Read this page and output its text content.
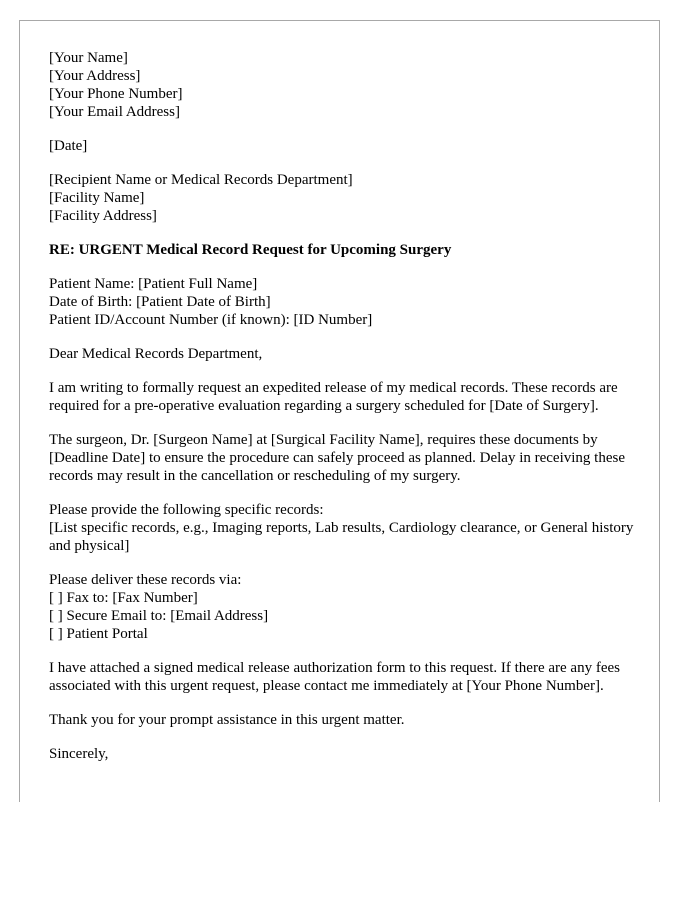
[Your Name]
[Your Address]
[Your Phone Number]
[Your Email Address]
[Date]
[Recipient Name or Medical Records Department]
[Facility Name]
[Facility Address]
RE: URGENT Medical Record Request for Upcoming Surgery
Patient Name: [Patient Full Name]
Date of Birth: [Patient Date of Birth]
Patient ID/Account Number (if known): [ID Number]
Dear Medical Records Department,
I am writing to formally request an expedited release of my medical records. These records are required for a pre-operative evaluation regarding a surgery scheduled for [Date of Surgery].
The surgeon, Dr. [Surgeon Name] at [Surgical Facility Name], requires these documents by [Deadline Date] to ensure the procedure can safely proceed as planned. Delay in receiving these records may result in the cancellation or rescheduling of my surgery.
Please provide the following specific records:
[List specific records, e.g., Imaging reports, Lab results, Cardiology clearance, or General history and physical]
Please deliver these records via:
[ ] Fax to: [Fax Number]
[ ] Secure Email to: [Email Address]
[ ] Patient Portal
I have attached a signed medical release authorization form to this request. If there are any fees associated with this urgent request, please contact me immediately at [Your Phone Number].
Thank you for your prompt assistance in this urgent matter.
Sincerely,
